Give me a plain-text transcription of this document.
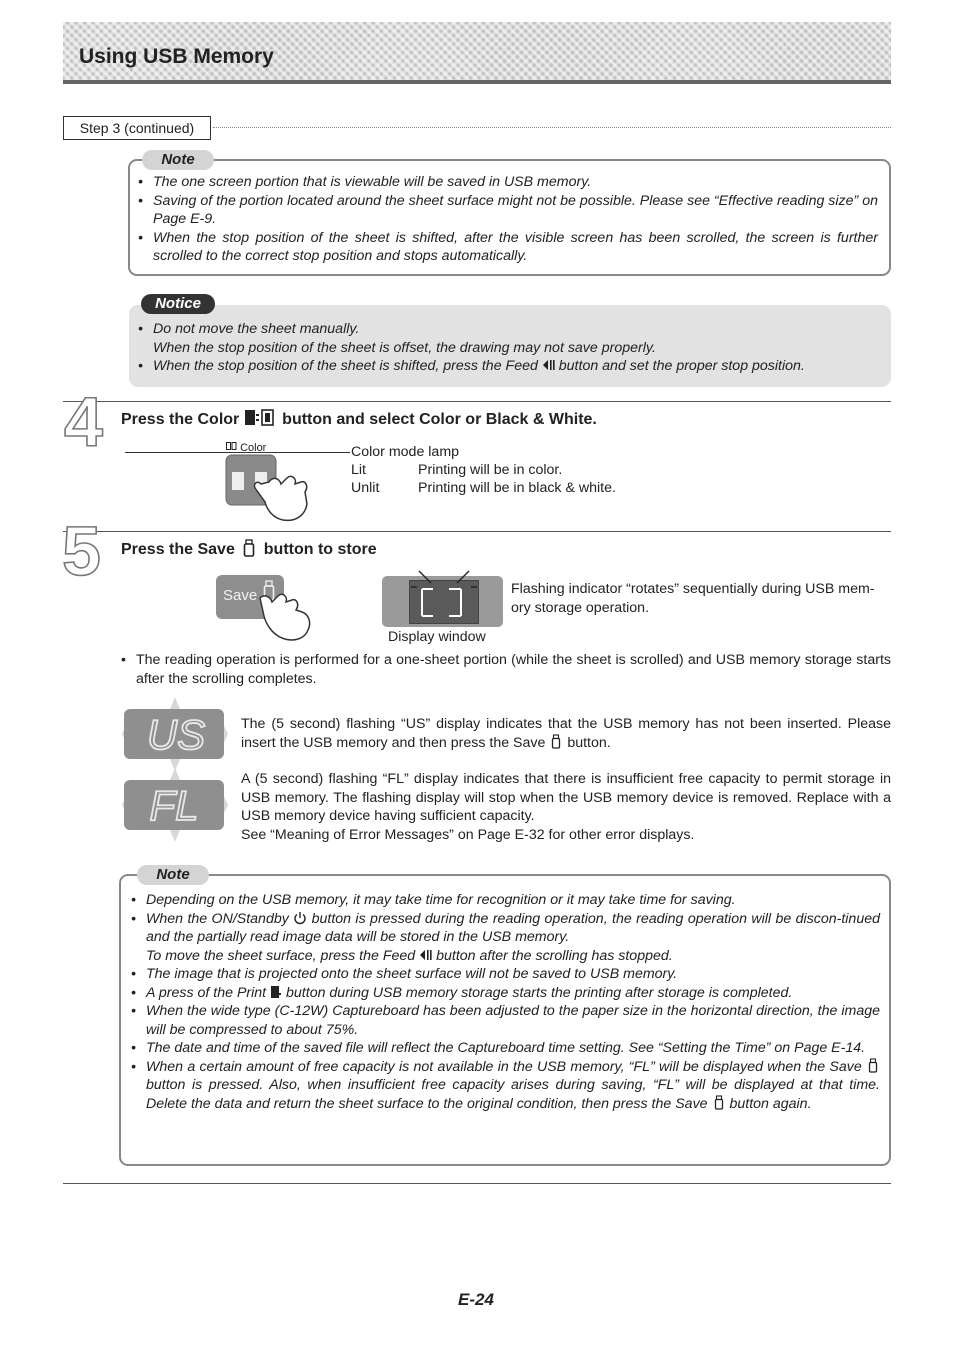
Using USB Memory
Step 3 (continued)
Note
• The one screen portion that is viewable will be saved in USB memory.
• Saving of the portion located around the sheet surface might not be possible. Please see “Effective reading size” on Page E-9.
• When the stop position of the sheet is shifted, after the visible screen has been scrolled, the screen is further scrolled to the correct stop position and stops automatically.
Notice
• Do not move the sheet manually.
When the stop position of the sheet is offset, the drawing may not save properly.
• When the stop position of the sheet is shifted, press the Feed button and set the proper stop position.
4 Press the Color	button and select Color or Black & White.
Color	Color mode lamp
Lit	Printing will be in color.
Unlit	Printing will be in black & white.
5 Press the Save button to store
Save
Display window
Flashing indicator “rotates” sequentially during USB mem-ory storage operation.
• The reading operation is performed for a one-sheet portion (while the sheet is scrolled) and USB memory storage starts after the scrolling completes.
US	The (5 second) flashing “US” display indicates that the USB memory has not been inserted. Please insert the USB memory and then press the Save button.
FL
A (5 second) flashing “FL” display indicates that there is insufficient free capacity to permit storage in USB memory. The flashing display will stop when the USB memory device is removed. Replace with a USB memory device having sufficient capacity.
See “Meaning of Error Messages” on Page E-32 for other error displays.
Note
• Depending on the USB memory, it may take time for recognition or it may take time for saving.
• When the ON/Standby button is pressed during the reading operation, the reading operation will be discon-tinued and the partially read image data will be stored in the USB memory.
To move the sheet surface, press the Feed button after the scrolling has stopped.
• The image that is projected onto the sheet surface will not be saved to USB memory.
• A press of the Print button during USB memory storage starts the printing after storage is completed.
• When the wide type (C-12W) Captureboard has been adjusted to the paper size in the horizontal direction, the image will be compressed to about 75%.
• The date and time of the saved file will reflect the Captureboard time setting. See “Setting the Time” on Page E-14.
• When a certain amount of free capacity is not available in the USB memory, “FL” will be displayed when the Save  button is pressed. Also, when insufficient free capacity arises during saving, “FL” will be displayed at that time. Delete the data and return the sheet surface to the original condition, then press the Save button again.
E-24
